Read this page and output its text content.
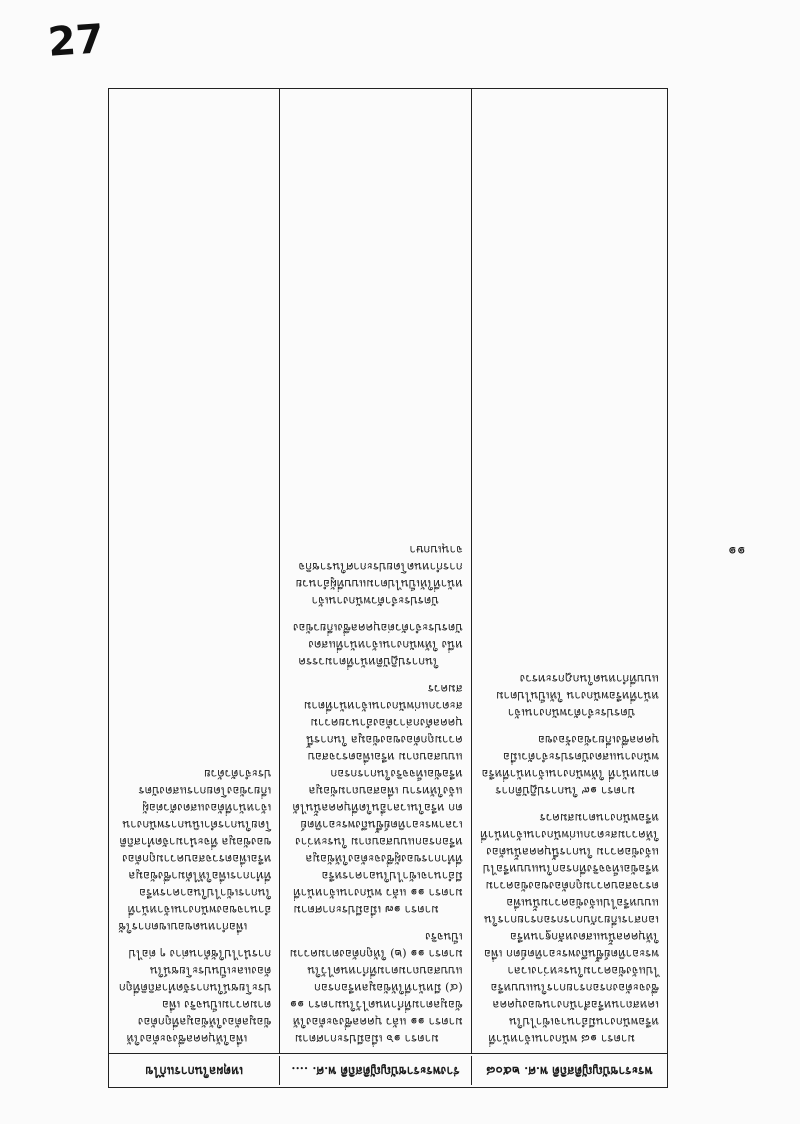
27
๑๑
พระราชบัญญัติสถิติ พ.ศ. ๒๕๐๘
ร่างพระราชบัญญัติสถิติ พ.ศ. ....
เหตุผลในการแก้ไข

มาตรา ๑๘ พนักงานเจ้าหน้าที่หรือพนักงานมีอำนาจเข้าไปในเคหสถานหรือสำนักงานของบุคคลซึ่งจะต้องกรอกรายการในแบบหรือไปแจ้งข้อความในระหว่างเวลาพระอาทิตย์ขึ้นถึงพระอาทิตย์ตก เพื่อให้บุคคลนั้นแสดงหลักฐานหรือเอกสารเกี่ยวกับการกรอกรายการในแบบหรือไปแจ้งข้อความนั้นเพื่อตรวจสอบความถูกต้องของข้อความหรือข้อเท็จจริงที่กรอกในแบบหรือไปแจ้งข้อความ ในการนี้บุคคลนั้นต้องให้ความสะดวกแก่พนักงานเจ้าหน้าที่หรือพนักงานตามสมควร

มาตรา ๑๙ ในการปฏิบัติการตามหน้าที่ ให้พนักงานเจ้าหน้าที่หรือพนักงานแสดงบัตรประจำตัวเมื่อบุคคลซึ่งเกี่ยวข้องร้องขอ

บัตรประจำตัวพนักงานเจ้าหน้าที่หรือพนักงาน ให้เป็นไปตามแบบที่กำหนดในกฎกระทรวง

มาตรา ๑๖ เมื่อมีประกาศตามมาตรา ๑๑ แล้ว บุคคลซึ่งจะต้องให้ข้อมูลตามที่กำหนดไว้ในมาตรา ๑๑ (๔) มีหน้าที่ให้ข้อมูลหรือกรอกแบบสอบถามตามที่กำหนดไว้ในมาตรา ๑๑ (๒) ให้ถูกต้องตามความเป็นจริง

มาตรา ๑๗ เมื่อมีประกาศตามมาตรา ๑๑ แล้ว พนักงานเจ้าหน้าที่มีอำนาจเข้าไปในอาคารหรือที่ทำการของผู้ซึ่งจะต้องให้ข้อมูลหรือกรอกแบบสอบถาม ในระหว่างเวลาพระอาทิตย์ขึ้นถึงพระอาทิตย์ตก หรือในเวลาอื่นใดที่บุคคลนั้นได้แจ้งให้ทราบ เพื่อสอบถามข้อมูลหรือข้อเท็จจริงในการกรอกแบบสอบถาม หรือเพื่อตรวจสอบความถูกต้องของข้อมูล ในการนี้บุคคลดังกล่าวต้องอำนวยความสะดวกแก่พนักงานเจ้าหน้าที่ตามสมควร

ในการปฏิบัติหน้าที่ตามวรรคหนึ่ง ให้พนักงานเจ้าหน้าที่แสดงบัตรประจำตัวต่อบุคคลซึ่งเกี่ยวข้อง

บัตรประจำตัวพนักงานเจ้าหน้าที่ให้เป็นไปตามแบบที่ผู้อำนวยการกำหนดโดยประกาศในราชกิจจานุเบกษา

เพื่อให้บุคคลซึ่งจะต้องให้ข้อมูลต้องให้ข้อมูลที่ถูกต้องตามความเป็นจริง เพื่อประโยชน์ในการจัดทำสถิติที่ถูกต้องและเป็นประโยชน์ในการนำไปใช้ด้านต่าง ๆ ต่อไป

เพื่อกำหนดขอบเขตการใช้อำนาจของพนักงานเจ้าหน้าที่ในการเข้าไปในอาคารหรือที่ทำการเพื่อให้ได้มาซึ่งข้อมูล หรือเพื่อตรวจสอบความถูกต้องของข้อมูล ที่จะนำมาจัดทำสถิติ โดยในการดำเนินการพนักงานเจ้าหน้าที่ต้องแสดงตัวต่อผู้เกี่ยวข้องโดยการแสดงบัตรประจำตัวด้วย
